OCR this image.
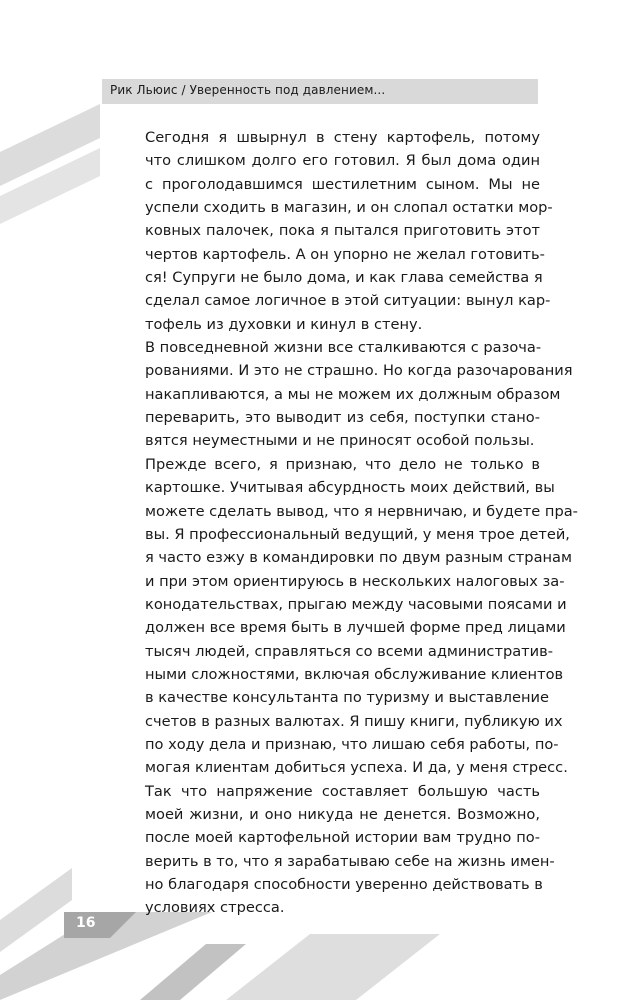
Рик Льюис / Уверенность под давлением...

Сегодня я швырнул в стену картофель, потому
что слишком долго его готовил. Я был дома один
с проголодавшимся шестилетним сыном. Мы не
успели сходить в магазин, и он слопал остатки мор-
ковных палочек, пока я пытался приготовить этот
чертов картофель. А он упорно не желал готовить-
ся! Супруги не было дома, и как глава семейства я
сделал самое логичное в этой ситуации: вынул кар-
тофель из духовки и кинул в стену.

В повседневной жизни все сталкиваются с разоча-
рованиями. И это не страшно. Но когда разочарования
накапливаются, а мы не можем их должным образом
переварить, это выводит из себя, поступки стано-
вятся неуместными и не приносят особой пользы.

Прежде всего, я признаю, что дело не только в
картошке. Учитывая абсурдность моих действий, вы
можете сделать вывод, что я нервничаю, и будете пра-
вы. Я профессиональный ведущий, у меня трое детей,
я часто езжу в командировки по двум разным странам
и при этом ориентируюсь в нескольких налоговых за-
конодательствах, прыгаю между часовыми поясами и
должен все время быть в лучшей форме пред лицами
тысяч людей, справляться со всеми административ-
ными сложностями, включая обслуживание клиентов
в качестве консультанта по туризму и выставление
счетов в разных валютах. Я пишу книги, публикую их
по ходу дела и признаю, что лишаю себя работы, по-
могая клиентам добиться успеха. И да, у меня стресс.

Так что напряжение составляет большую часть
моей жизни, и оно никуда не денется. Возможно,
после моей картофельной истории вам трудно по-
верить в то, что я зарабатываю себе на жизнь имен-
но благодаря способности уверенно действовать в
условиях стресса.

16
